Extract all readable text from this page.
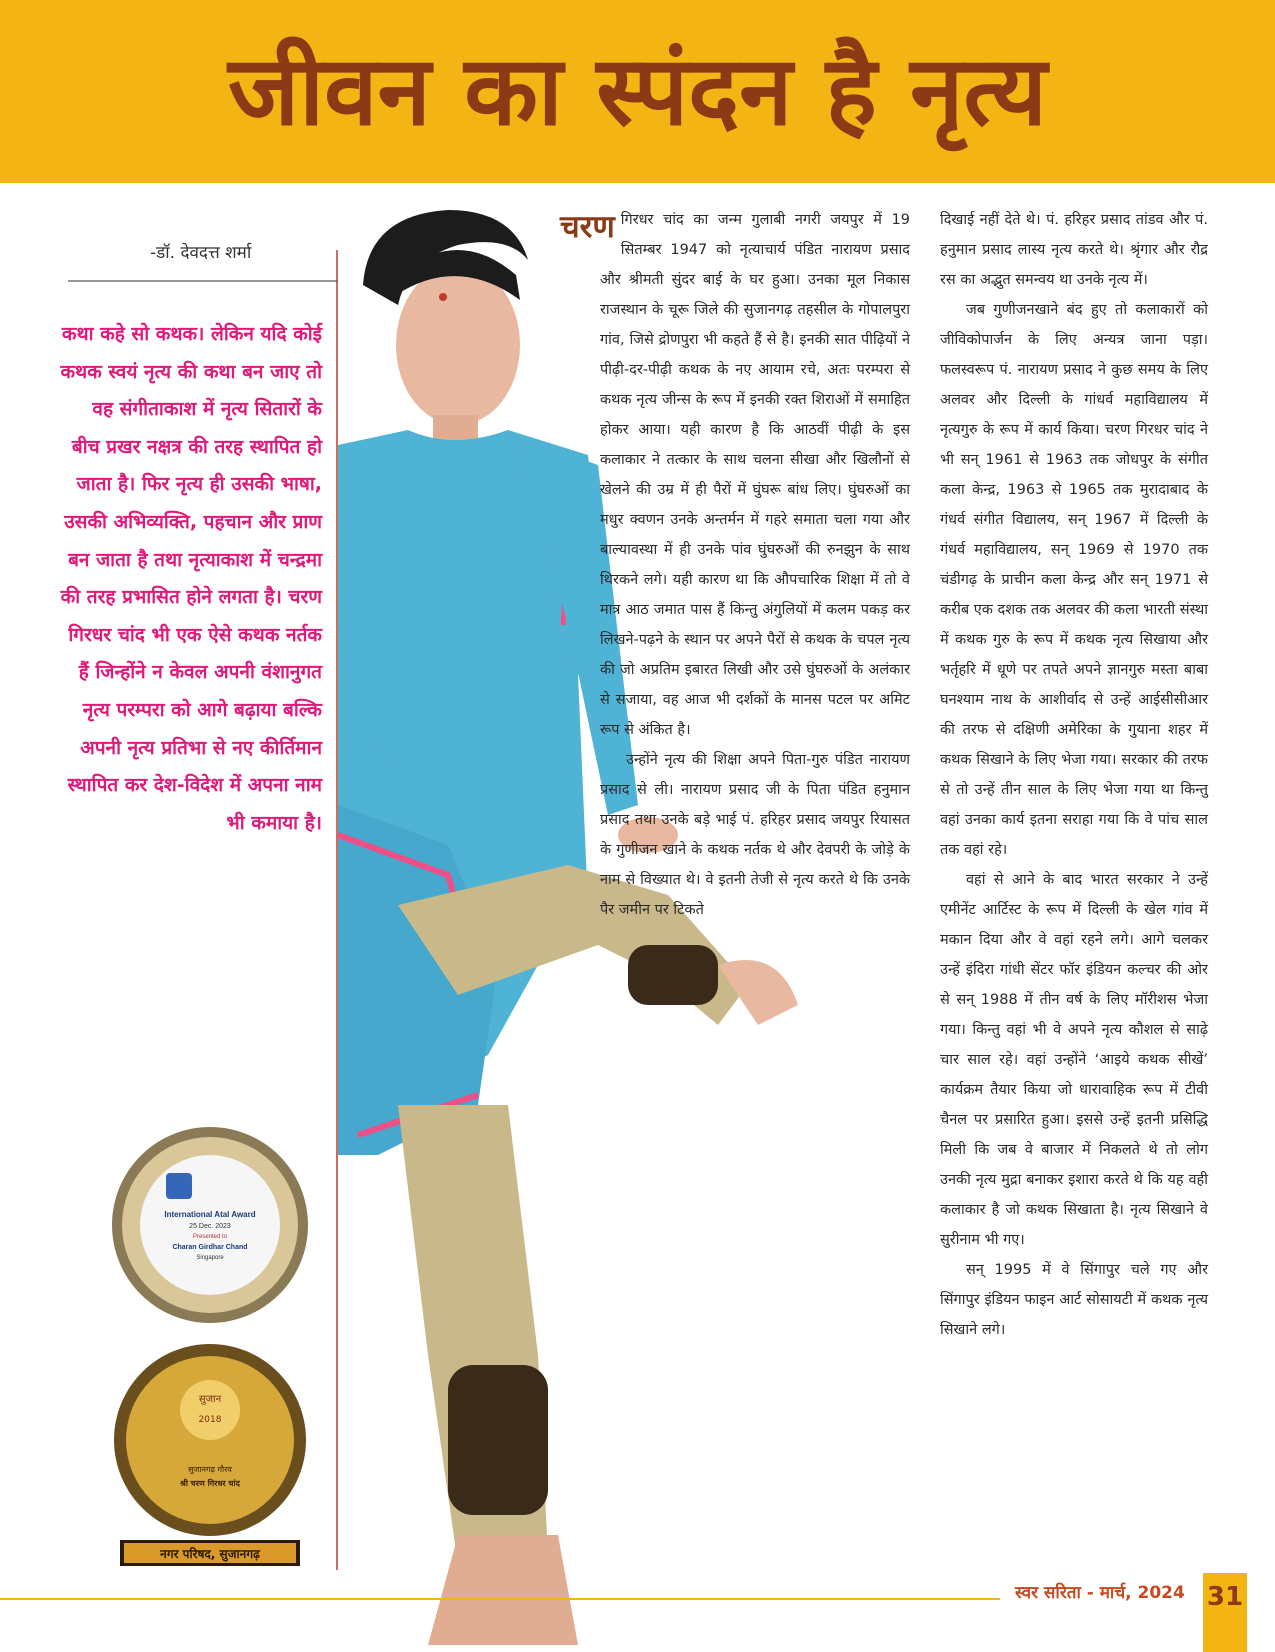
जीवन का स्पंदन है नृत्य
-डॉ. देवदत्त शर्मा
कथा कहे सो कथक। लेकिन यदि कोई कथक स्वयं नृत्य की कथा बन जाए तो वह संगीताकाश में नृत्य सितारों के बीच प्रखर नक्षत्र की तरह स्थापित हो जाता है। फिर नृत्य ही उसकी भाषा, उसकी अभिव्यक्ति, पहचान और प्राण बन जाता है तथा नृत्याकाश में चन्द्रमा की तरह प्रभासित होने लगता है। चरण गिरधर चांद भी एक ऐसे कथक नर्तक हैं जिन्होंने न केवल अपनी वंशानुगत नृत्य परम्परा को आगे बढ़ाया बल्कि अपनी नृत्य प्रतिभा से नए कीर्तिमान स्थापित कर देश-विदेश में अपना नाम भी कमाया है।
International Atal Award
25 Dec. 2023
Presented to
Charan Girdhar Chand
Singapore
सुजान
2018
सुजानगढ़ गौरव
श्री चरण गिरधर चांद
नगर परिषद, सुजानगढ़
चरण गिरधर चांद का जन्म गुलाबी नगरी जयपुर में 19 सितम्बर 1947 को नृत्याचार्य पंडित नारायण प्रसाद और श्रीमती सुंदर बाई के घर हुआ। उनका मूल निकास राजस्थान के चूरू जिले की सुजानगढ़ तहसील के गोपालपुरा गांव, जिसे द्रोणपुरा भी कहते हैं से है। इनकी सात पीढ़ियों ने पीढ़ी-दर-पीढ़ी कथक के नए आयाम रचे, अतः परम्परा से कथक नृत्य जीन्स के रूप में इनकी रक्त शिराओं में समाहित होकर आया। यही कारण है कि आठवीं पीढ़ी के इस कलाकार ने तत्कार के साथ चलना सीखा और खिलौनों से खेलने की उम्र में ही पैरों में घुंघरू बांध लिए। घुंघरुओं का मधुर क्वणन उनके अन्तर्मन में गहरे समाता चला गया और बाल्यावस्था में ही उनके पांव घुंघरुओं की रुनझुन के साथ थिरकने लगे। यही कारण था कि औपचारिक शिक्षा में तो वे मात्र आठ जमात पास हैं किन्तु अंगुलियों में कलम पकड़ कर लिखने-पढ़ने के स्थान पर अपने पैरों से कथक के चपल नृत्य की जो अप्रतिम इबारत लिखी और उसे घुंघरुओं के अलंकार से सजाया, वह आज भी दर्शकों के मानस पटल पर अमिट रूप से अंकित है।

उन्होंने नृत्य की शिक्षा अपने पिता-गुरु पंडित नारायण प्रसाद से ली। नारायण प्रसाद जी के पिता पंडित हनुमान प्रसाद तथा उनके बड़े भाई पं. हरिहर प्रसाद जयपुर रियासत के गुणीजन खाने के कथक नर्तक थे और देवपरी के जोड़े के नाम से विख्यात थे। वे इतनी तेजी से नृत्य करते थे कि उनके पैर जमीन पर टिकते

दिखाई नहीं देते थे। पं. हरिहर प्रसाद तांडव और पं. हनुमान प्रसाद लास्य नृत्य करते थे। श्रृंगार और रौद्र रस का अद्भुत समन्वय था उनके नृत्य में।

जब गुणीजनखाने बंद हुए तो कलाकारों को जीविकोपार्जन के लिए अन्यत्र जाना पड़ा। फलस्वरूप पं. नारायण प्रसाद ने कुछ समय के लिए अलवर और दिल्ली के गांधर्व महाविद्यालय में नृत्यगुरु के रूप में कार्य किया। चरण गिरधर चांद ने भी सन् 1961 से 1963 तक जोधपुर के संगीत कला केन्द्र, 1963 से 1965 तक मुरादाबाद के गंधर्व संगीत विद्यालय, सन् 1967 में दिल्ली के गंधर्व महाविद्यालय, सन् 1969 से 1970 तक चंडीगढ़ के प्राचीन कला केन्द्र और सन् 1971 से करीब एक दशक तक अलवर की कला भारती संस्था में कथक गुरु के रूप में कथक नृत्य सिखाया और भर्तृहरि में धूणे पर तपते अपने ज्ञानगुरु मस्ता बाबा घनश्याम नाथ के आशीर्वाद से उन्हें आईसीसीआर की तरफ से दक्षिणी अमेरिका के गुयाना शहर में कथक सिखाने के लिए भेजा गया। सरकार की तरफ से तो उन्हें तीन साल के लिए भेजा गया था किन्तु वहां उनका कार्य इतना सराहा गया कि वे पांच साल तक वहां रहे।

वहां से आने के बाद भारत सरकार ने उन्हें एमीनेंट आर्टिस्ट के रूप में दिल्ली के खेल गांव में मकान दिया और वे वहां रहने लगे। आगे चलकर उन्हें इंदिरा गांधी सेंटर फॉर इंडियन कल्चर की ओर से सन् 1988 में तीन वर्ष के लिए मॉरीशस भेजा गया। किन्तु वहां भी वे अपने नृत्य कौशल से साढ़े चार साल रहे। वहां उन्होंने ‘आइये कथक सीखें’ कार्यक्रम तैयार किया जो धारावाहिक रूप में टीवी चैनल पर प्रसारित हुआ। इससे उन्हें इतनी प्रसिद्धि मिली कि जब वे बाजार में निकलते थे तो लोग उनकी नृत्य मुद्रा बनाकर इशारा करते थे कि यह वही कलाकार है जो कथक सिखाता है। नृत्य सिखाने वे सुरीनाम भी गए।

सन् 1995 में वे सिंगापुर चले गए और सिंगापुर इंडियन फाइन आर्ट सोसायटी में कथक नृत्य सिखाने लगे।

स्वर सरिता - मार्च, 2024 31
